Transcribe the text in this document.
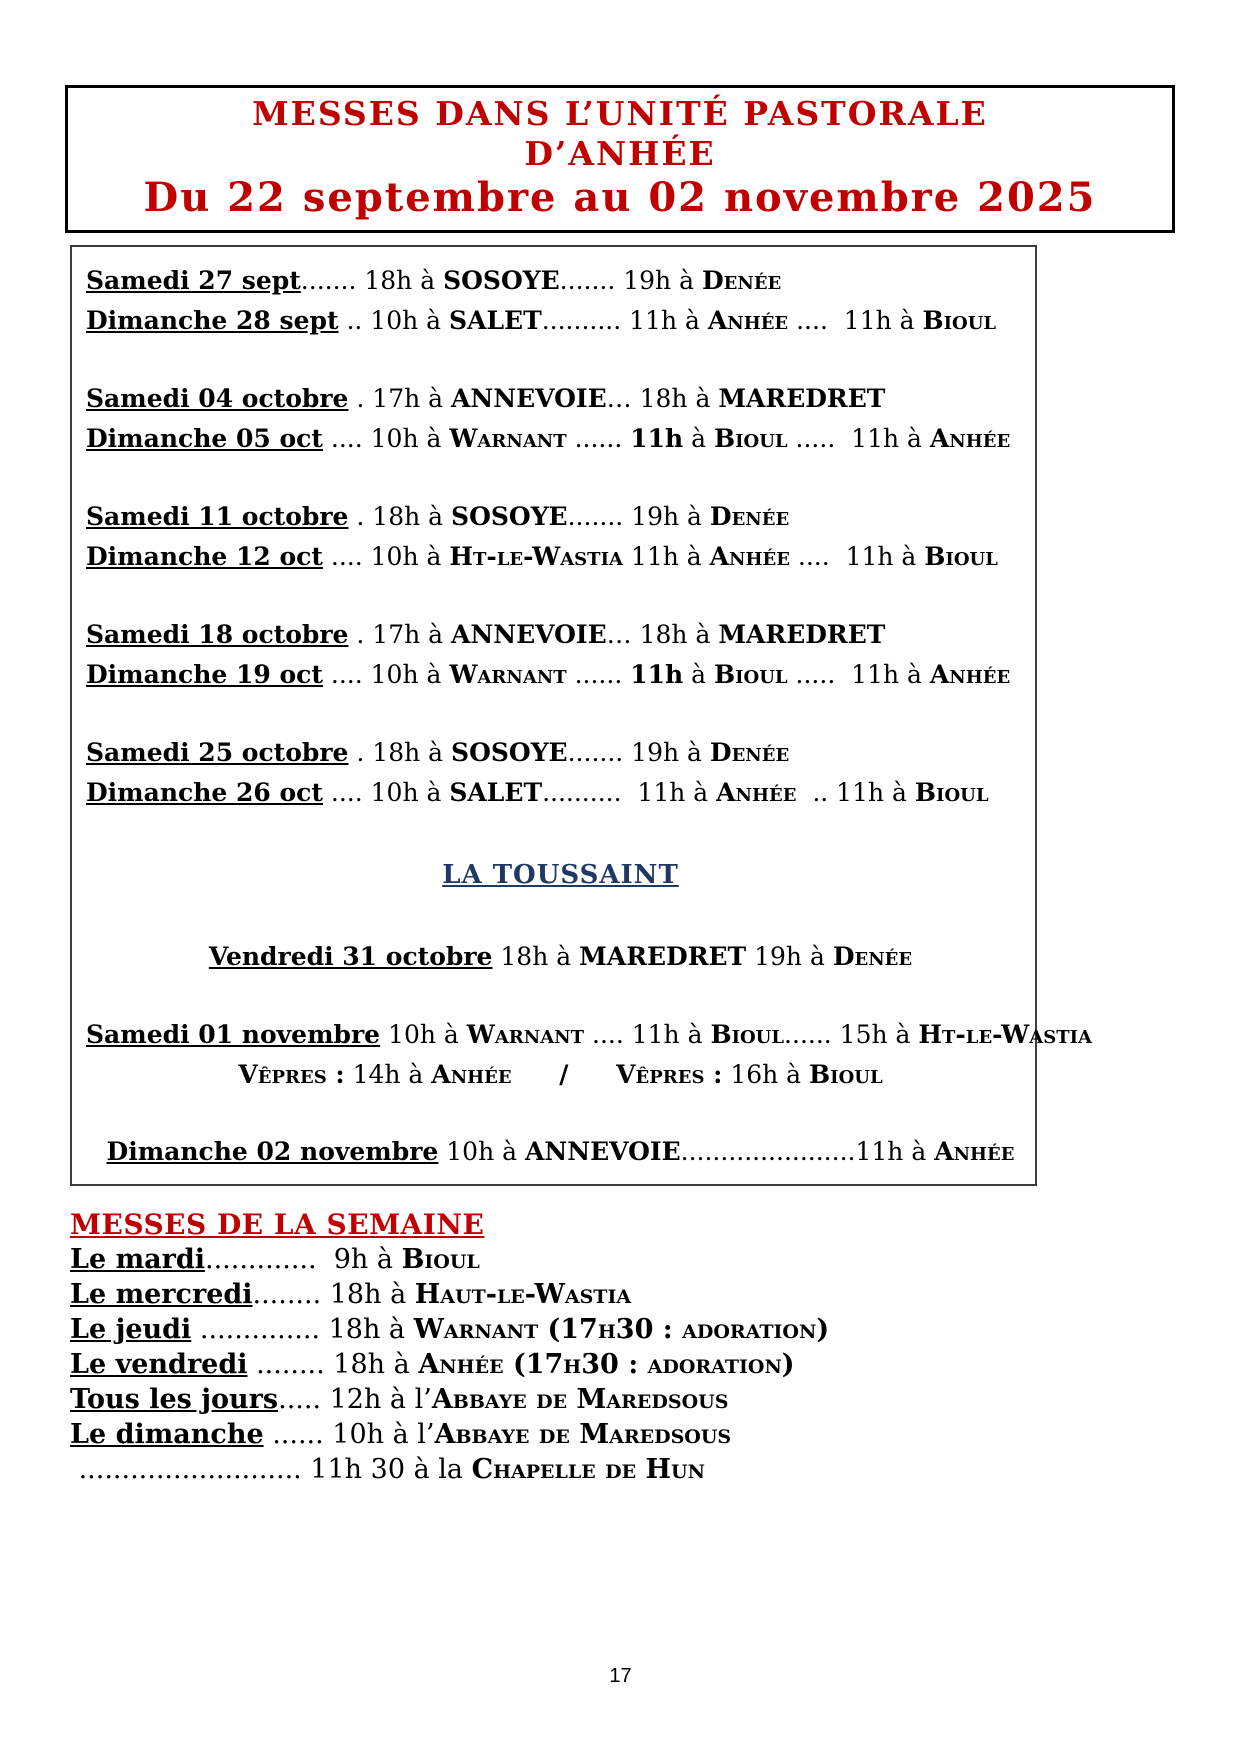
MESSES DANS L’UNITÉ PASTORALE
D’ANHÉE
Du 22 septembre au 02 novembre 2025
Samedi 27 sept....... 18h à SOSOYE....... 19h à Denée
Dimanche 28 sept .. 10h à SALET.......... 11h à Anhée ....  11h à Bioul
Samedi 04 octobre . 17h à ANNEVOIE… 18h à MAREDRET
Dimanche 05 oct .... 10h à Warnant ...... 11h à Bioul .....  11h à Anhée
Samedi 11 octobre . 18h à SOSOYE....... 19h à Denée
Dimanche 12 oct .... 10h à Ht-le-Wastia 11h à Anhée ....  11h à Bioul
Samedi 18 octobre . 17h à ANNEVOIE… 18h à MAREDRET
Dimanche 19 oct .... 10h à Warnant ...... 11h à Bioul .....  11h à Anhée
Samedi 25 octobre . 18h à SOSOYE....... 19h à Denée
Dimanche 26 oct .... 10h à SALET..........  11h à Anhée  .. 11h à Bioul
LA TOUSSAINT
Vendredi 31 octobre 18h à MAREDRET 19h à Denée
Samedi 01 novembre 10h à Warnant .... 11h à Bioul...... 15h à Ht-le-Wastia
Vêpres : 14h à Anhée / Vêpres : 16h à Bioul
Dimanche 02 novembre 10h à ANNEVOIE......................11h à Anhée
MESSES DE LA SEMAINE
Le mardi.............  9h à Bioul
Le mercredi........ 18h à Haut-le-Wastia
Le jeudi .............. 18h à Warnant (17h30 : adoration)
Le vendredi ........ 18h à Anhée (17h30 : adoration)
Tous les jours..... 12h à l’Abbaye de Maredsous
Le dimanche ...... 10h à l’Abbaye de Maredsous
.......................... 11h 30 à la Chapelle de Hun
17
